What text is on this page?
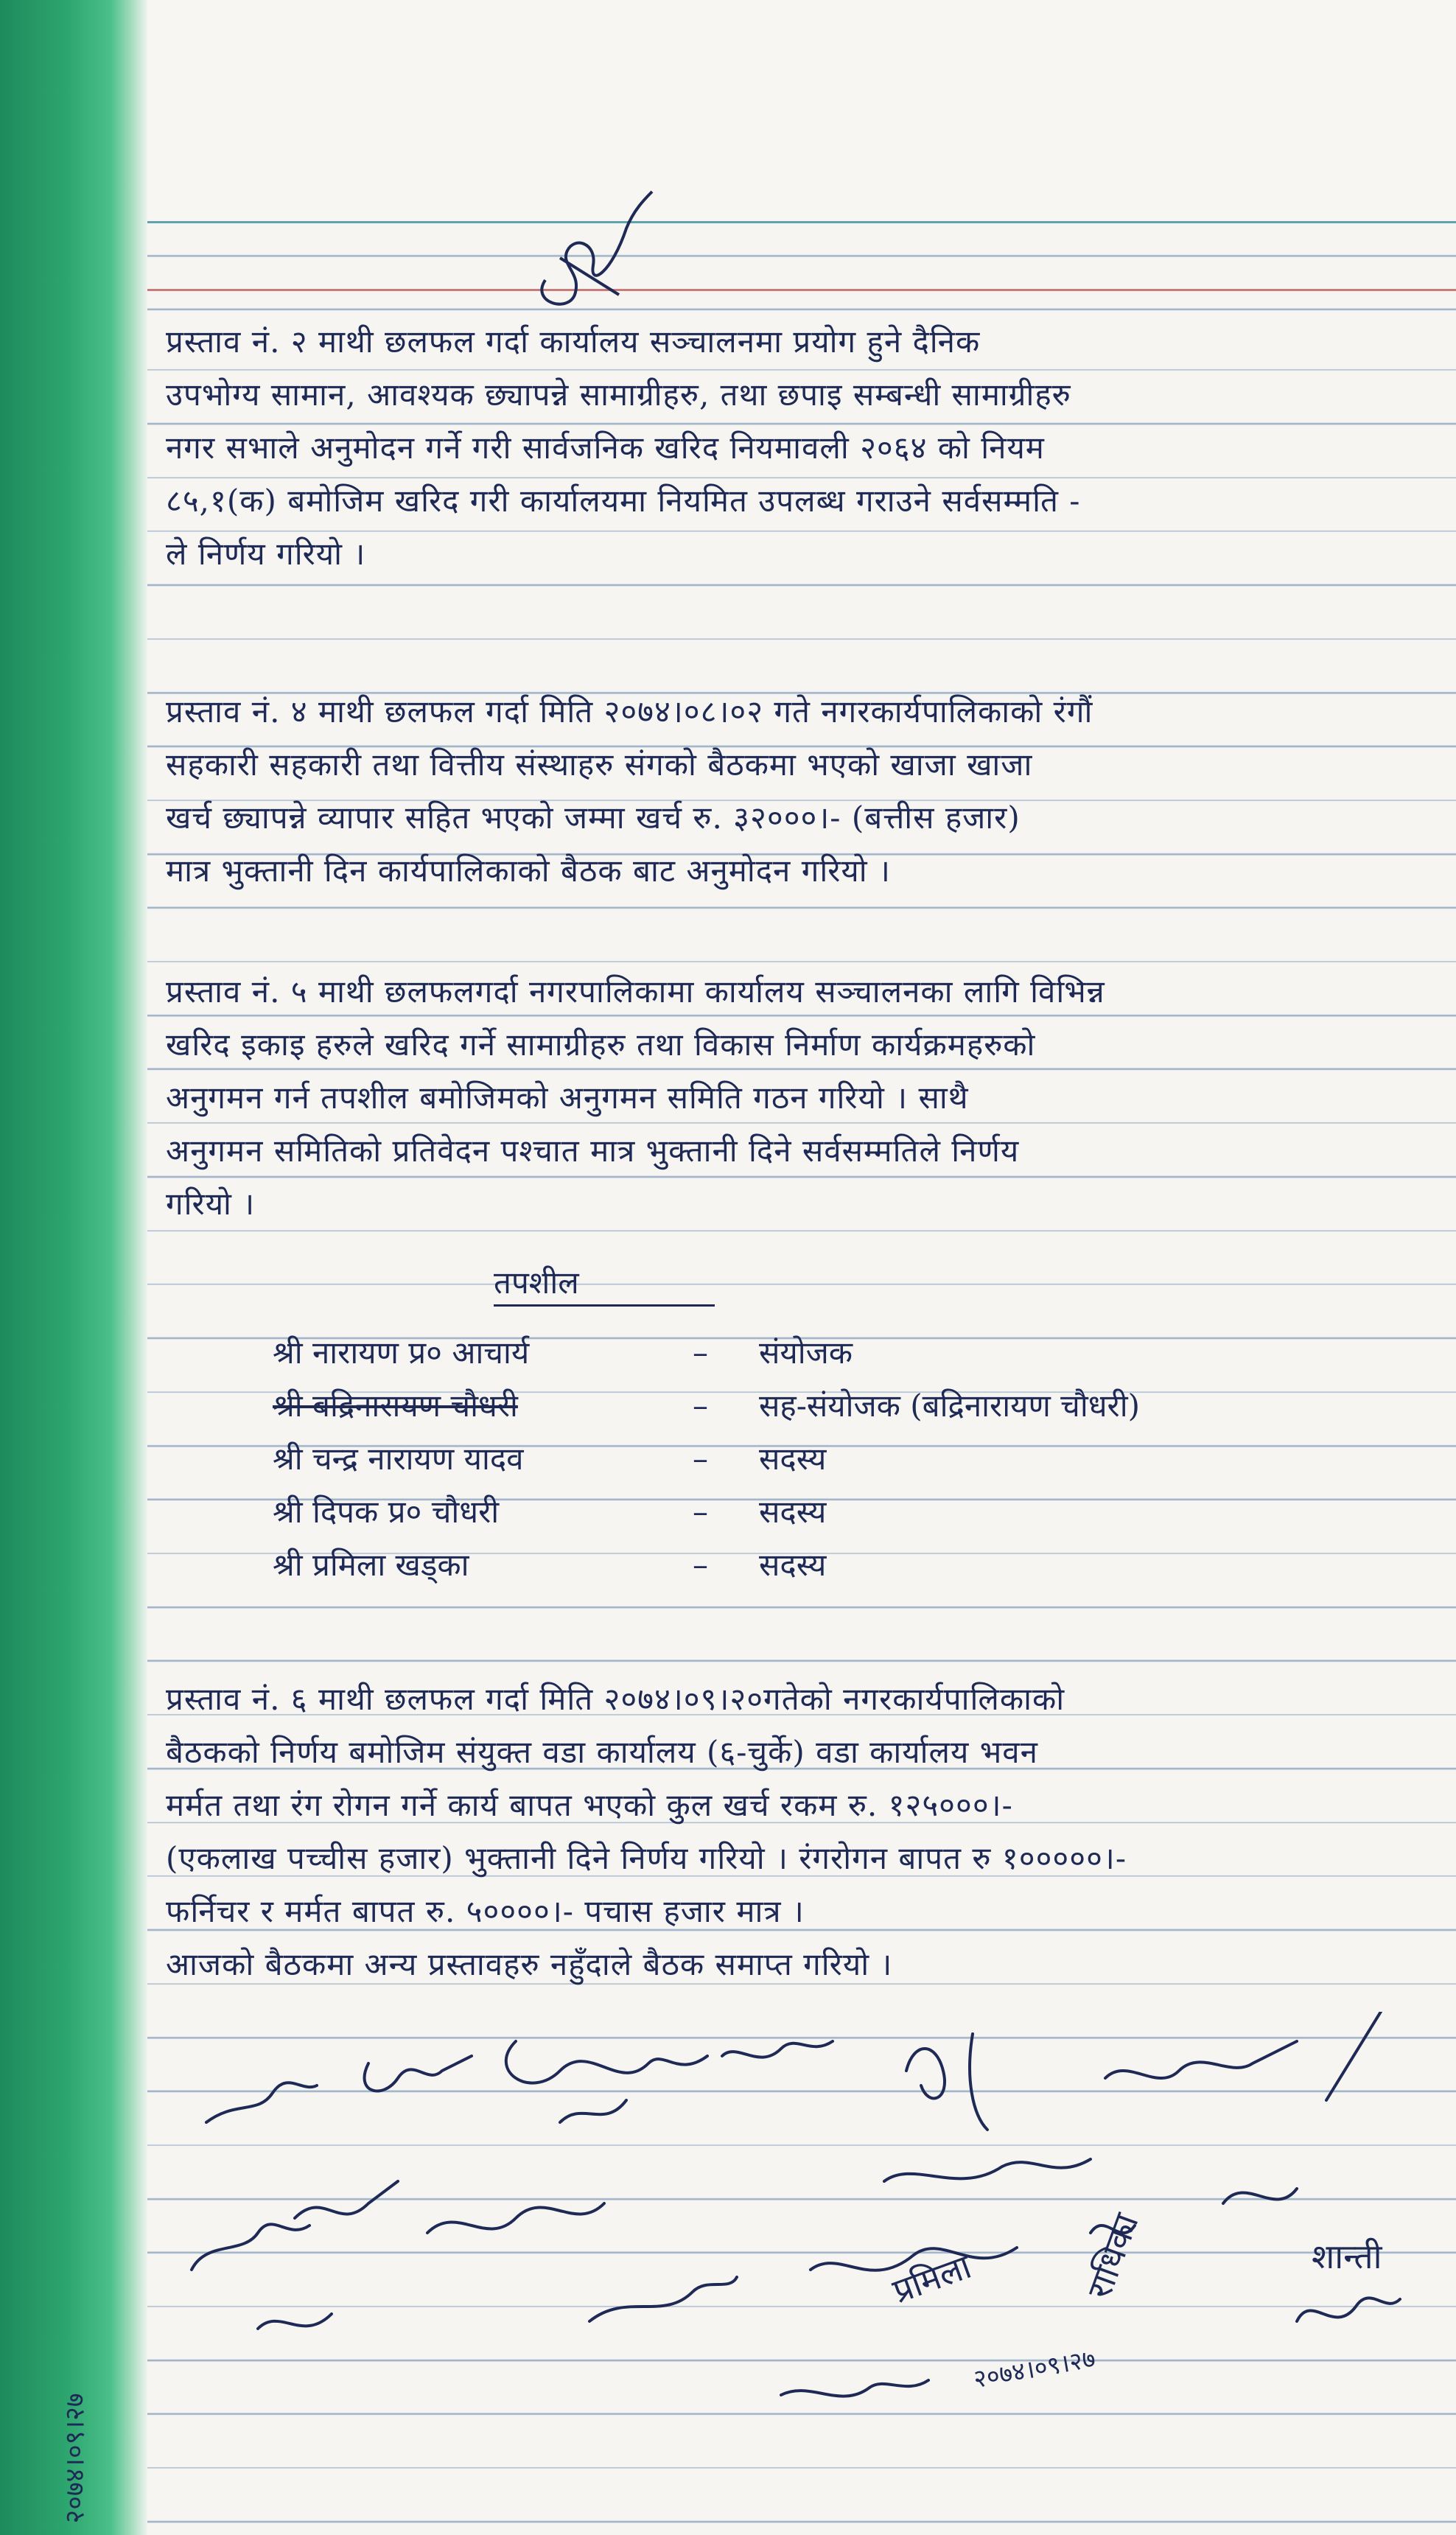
प्रस्ताव नं. २ माथी छलफल गर्दा कार्यालय सञ्चालनमा प्रयोग हुने दैनिक
उपभोग्य सामान, आवश्यक छ्यापन्ने सामाग्रीहरु, तथा छपाइ सम्बन्धी सामाग्रीहरु
नगर सभाले अनुमोदन गर्ने गरी सार्वजनिक खरिद नियमावली २०६४ को नियम
८५,१(क) बमोजिम खरिद गरी कार्यालयमा नियमित उपलब्ध गराउने सर्वसम्मति -
ले निर्णय गरियो ।
प्रस्ताव नं. ४ माथी छलफल गर्दा मिति २०७४।०८।०२ गते नगरकार्यपालिकाको रंगाैं
सहकारी सहकारी तथा वित्तीय संस्थाहरु संगको बैठकमा भएको खाजा खाजा
खर्च छ्यापन्ने व्यापार सहित भएको जम्मा खर्च रु. ३२०००।- (बत्तीस हजार)
मात्र भुक्तानी दिन कार्यपालिकाको बैठक बाट अनुमोदन गरियो ।
प्रस्ताव नं. ५ माथी छलफलगर्दा नगरपालिकामा कार्यालय सञ्चालनका लागि विभिन्न
खरिद इकाइ हरुले खरिद गर्ने सामाग्रीहरु तथा विकास निर्माण कार्यक्रमहरुको
अनुगमन गर्न तपशील बमोजिमको अनुगमन समिति गठन गरियो । साथै
अनुगमन समितिको प्रतिवेदन पश्चात मात्र भुक्तानी दिने सर्वसम्मतिले निर्णय
गरियो ।
तपशील
श्री नारायण प्र० आचार्य	–	संयोजक
श्री बद्रिनारायण चौधरी	–	सह-संयोजक (बद्रिनारायण चौधरी)
श्री चन्द्र नारायण यादव	–	सदस्य
श्री दिपक प्र० चौधरी	–	सदस्य
श्री प्रमिला खड्का	–	सदस्य
प्रस्ताव नं. ६ माथी छलफल गर्दा मिति २०७४।०९।२०गतेको नगरकार्यपालिकाको
बैठकको निर्णय बमोजिम संयुक्त वडा कार्यालय (६-चुर्के) वडा कार्यालय भवन
मर्मत तथा रंग रोगन गर्ने कार्य बापत भएको कुल खर्च रकम रु. १२५०००।-
(एकलाख पच्चीस हजार) भुक्तानी दिने निर्णय गरियो । रंगरोगन बापत रु १०००००।-
फर्निचर र मर्मत बापत रु. ५००००।- पचास हजार मात्र ।
आजको बैठकमा अन्य प्रस्तावहरु नहुँदाले बैठक समाप्त गरियो ।
प्रमिला	राधिका	शान्ती
२०७४।०९।२७
२०७४।०९।२७
